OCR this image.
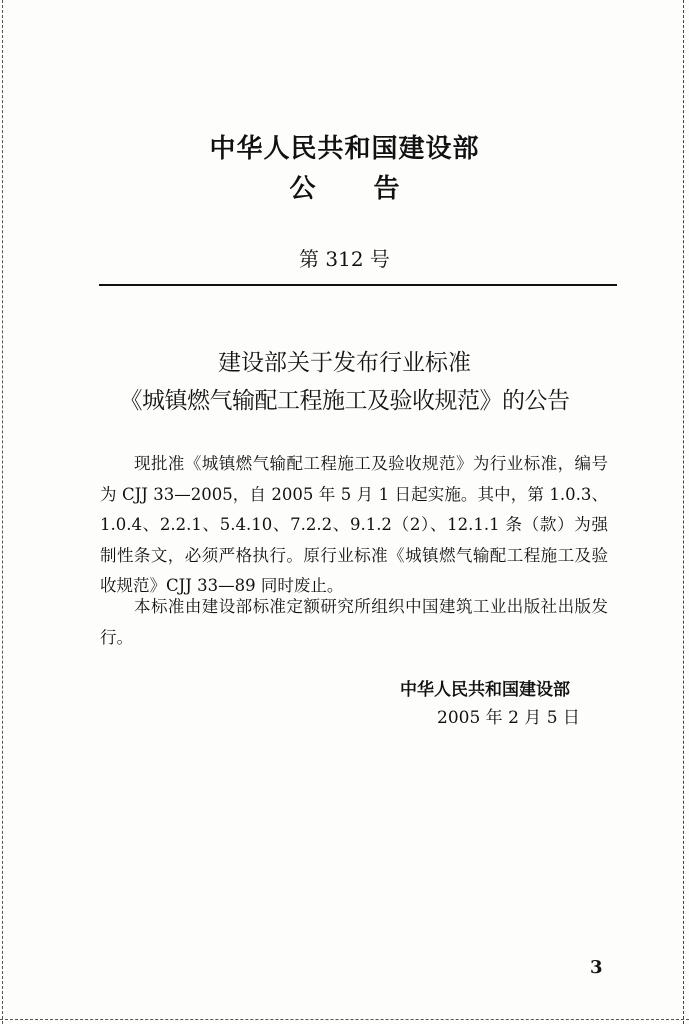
中华人民共和国建设部
公告
第 312 号
建设部关于发布行业标准
《城镇燃气输配工程施工及验收规范》的公告

现批准《城镇燃气输配工程施工及验收规范》为行业标准，编号为 CJJ 33—2005，自 2005 年 5 月 1 日起实施。其中，第 1.0.3、1.0.4、2.2.1、5.4.10、7.2.2、9.1.2（2）、12.1.1 条（款）为强制性条文，必须严格执行。原行业标准《城镇燃气输配工程施工及验收规范》CJJ 33—89 同时废止。

本标准由建设部标准定额研究所组织中国建筑工业出版社出版发行。

中华人民共和国建设部
2005 年 2 月 5 日
3
